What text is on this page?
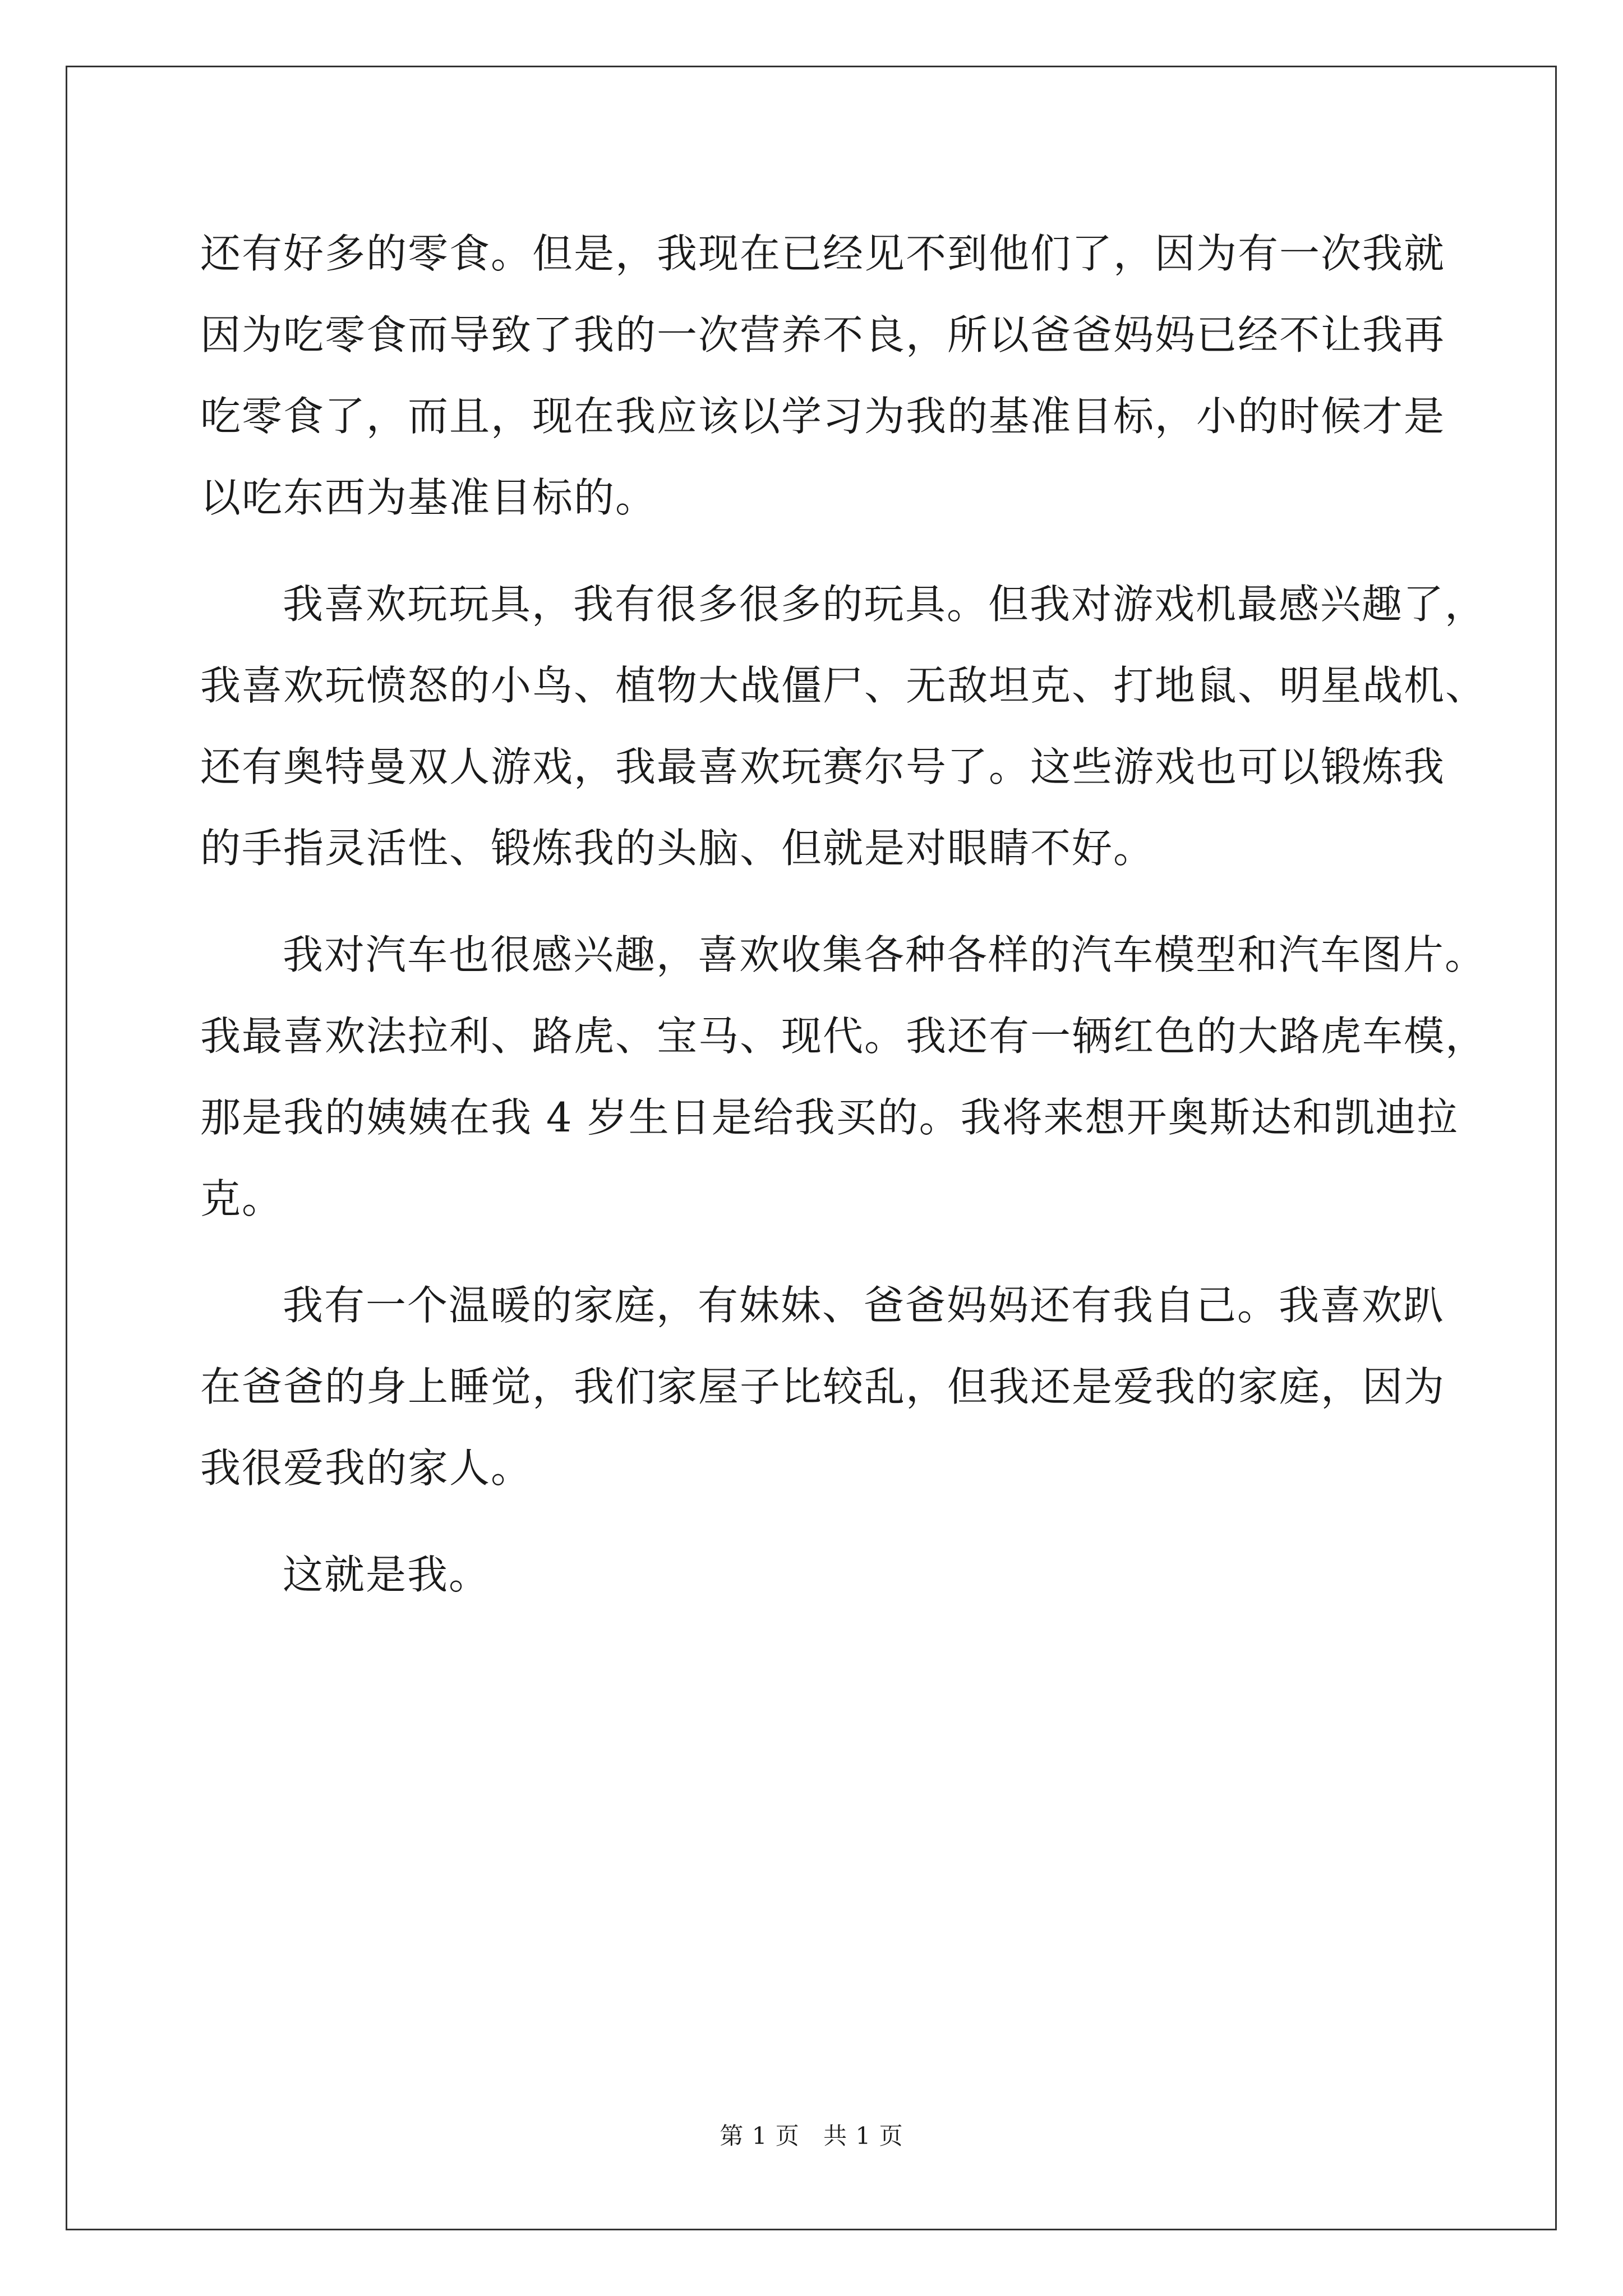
还有好多的零食。但是，我现在已经见不到他们了，因为有一次我就
因为吃零食而导致了我的一次营养不良，所以爸爸妈妈已经不让我再
吃零食了，而且，现在我应该以学习为我的基准目标，小的时候才是
以吃东西为基准目标的。
我喜欢玩玩具，我有很多很多的玩具。但我对游戏机最感兴趣了，
我喜欢玩愤怒的小鸟、植物大战僵尸、无敌坦克、打地鼠、明星战机、
还有奥特曼双人游戏，我最喜欢玩赛尔号了。这些游戏也可以锻炼我
的手指灵活性、锻炼我的头脑、但就是对眼睛不好。
我对汽车也很感兴趣，喜欢收集各种各样的汽车模型和汽车图片。
我最喜欢法拉利、路虎、宝马、现代。我还有一辆红色的大路虎车模，
那是我的姨姨在我 4 岁生日是给我买的。我将来想开奥斯达和凯迪拉
克。
我有一个温暖的家庭，有妹妹、爸爸妈妈还有我自己。我喜欢趴
在爸爸的身上睡觉，我们家屋子比较乱，但我还是爱我的家庭，因为
我很爱我的家人。
这就是我。
第 1 页 共 1 页
